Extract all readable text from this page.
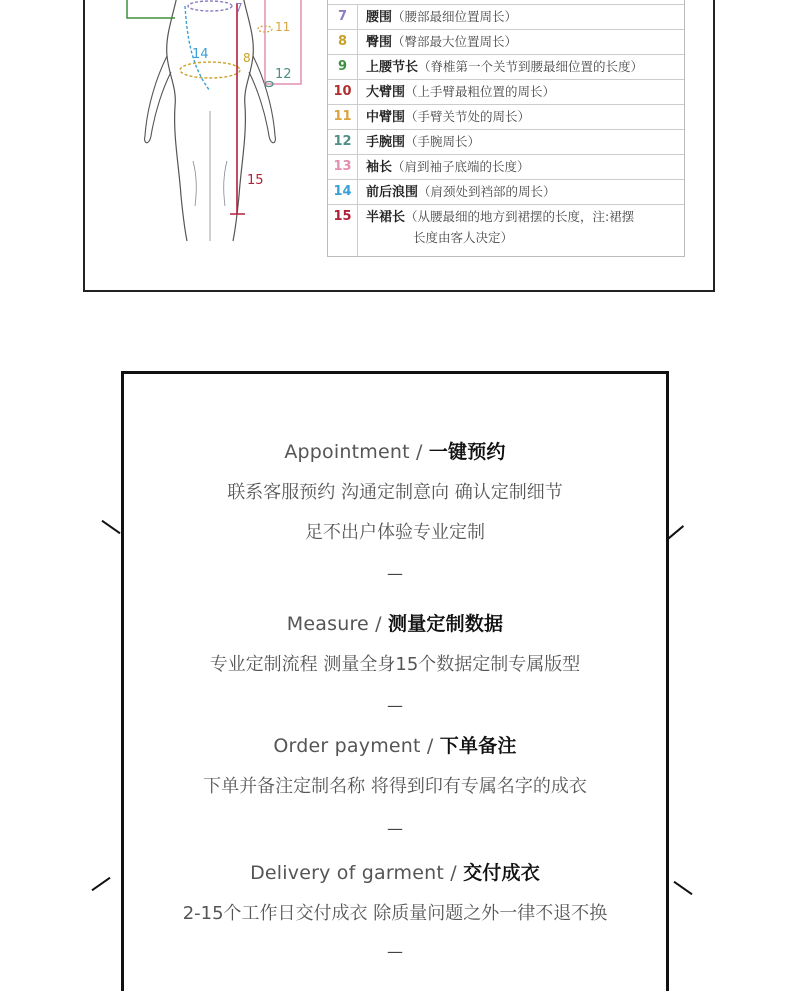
7
11
14	8
12
15
7	腰围（腰部最细位置周长）
8	臀围（臀部最大位置周长）
9	上腰节长（脊椎第一个关节到腰最细位置的长度）
10	大臂围（上手臂最粗位置的周长）
11	中臂围（手臂关节处的周长）
12	手腕围（手腕周长）
13	袖长（肩到袖子底端的长度）
14	前后浪围（肩颈处到裆部的周长）
15	半裙长（从腰最细的地方到裙摆的长度，注:裙摆
长度由客人决定）
Appointment / 一键预约
联系客服预约 沟通定制意向 确认定制细节
足不出户体验专业定制
—
Measure / 测量定制数据
专业定制流程 测量全身15个数据定制专属版型
—
Order payment / 下单备注
下单并备注定制名称 将得到印有专属名字的成衣
—
Delivery of garment / 交付成衣
2-15个工作日交付成衣 除质量问题之外一律不退不换
—
